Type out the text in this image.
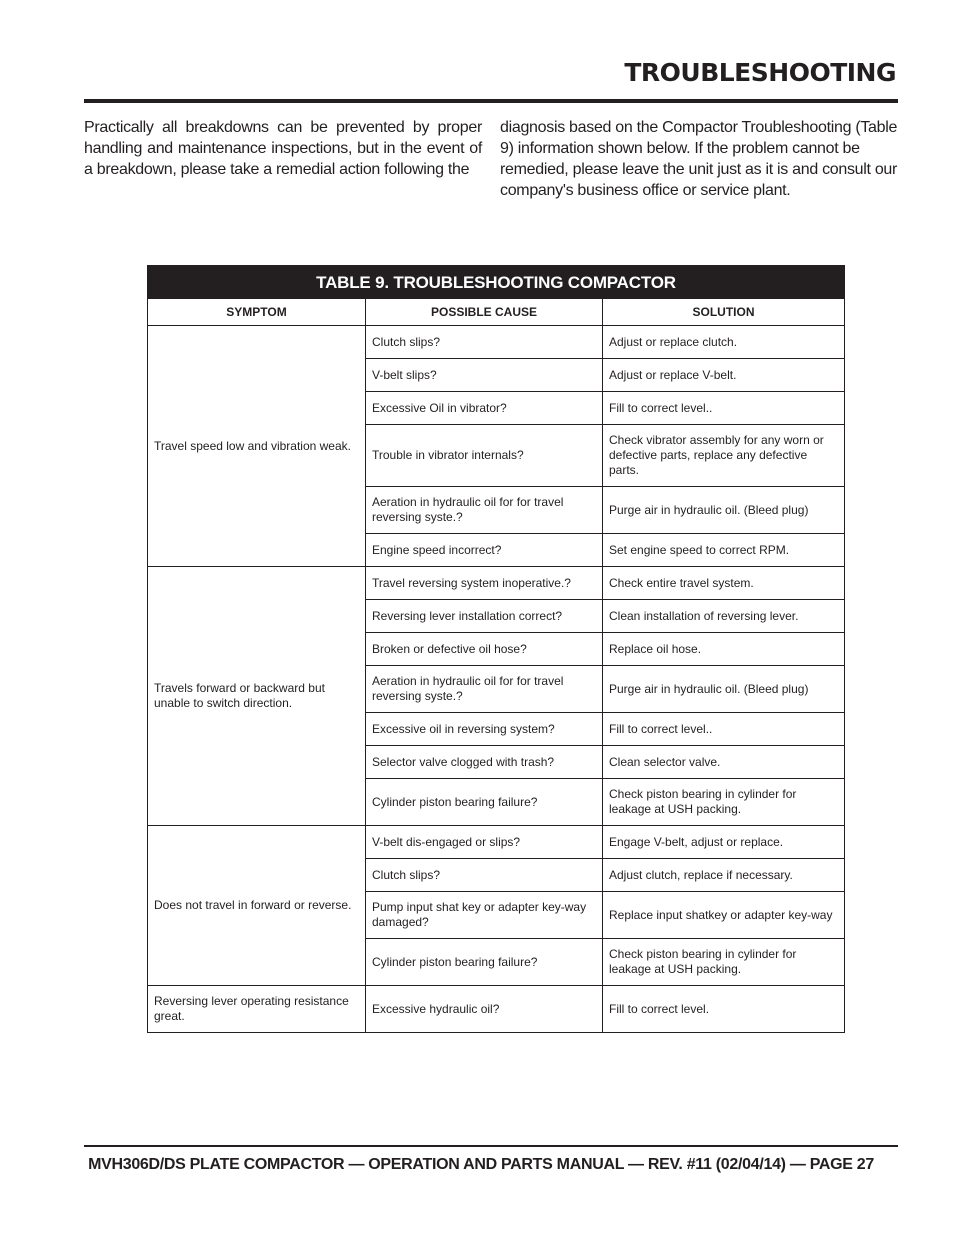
TROUBLESHOOTING

Practically all breakdowns can be prevented by proper handling and maintenance inspections, but in the event of a breakdown, please take a remedial action following the

diagnosis based on the Compactor Troubleshooting (Table 9) information shown below. If the problem cannot be remedied, please leave the unit just as it is and consult our company's business office or service plant.

TABLE 9. TROUBLESHOOTING COMPACTOR		
SYMPTOM	POSSIBLE CAUSE	SOLUTION
Travel speed low and vibration weak.	Clutch slips?	Adjust or replace clutch.
	V-belt slips?	Adjust or replace V-belt.
	Excessive Oil in vibrator?	Fill to correct level..
	Trouble in vibrator internals?	Check vibrator assembly for any worn or defective parts, replace any defective parts.
	Aeration in hydraulic oil for for travel reversing syste.?	Purge air in hydraulic oil. (Bleed plug)
	Engine speed incorrect?	Set engine speed to correct RPM.
Travels forward or backward but unable to switch direction.	Travel reversing system inoperative.?	Check entire travel system.
	Reversing lever installation correct?	Clean installation of reversing lever.
	Broken or defective oil hose?	Replace oil hose.
	Aeration in hydraulic oil for for travel reversing syste.?	Purge air in hydraulic oil. (Bleed plug)
	Excessive oil in reversing system?	Fill to correct level..
	Selector valve clogged with trash?	Clean selector valve.
	Cylinder piston bearing failure?	Check piston bearing in cylinder for leakage at USH packing.
Does not travel in forward or reverse.	V-belt dis-engaged or slips?	Engage V-belt, adjust or replace.
	Clutch slips?	Adjust clutch, replace if necessary.
	Pump input shat key or adapter key-way damaged?	Replace input shatkey or adapter key-way
	Cylinder piston bearing failure?	Check piston bearing in cylinder for leakage at USH packing.
Reversing lever operating resistance great.	Excessive hydraulic oil?	Fill to correct level.

MVH306D/DS PLATE COMPACTOR — OPERATION AND PARTS MANUAL — REV. #11 (02/04/14) — PAGE 27
